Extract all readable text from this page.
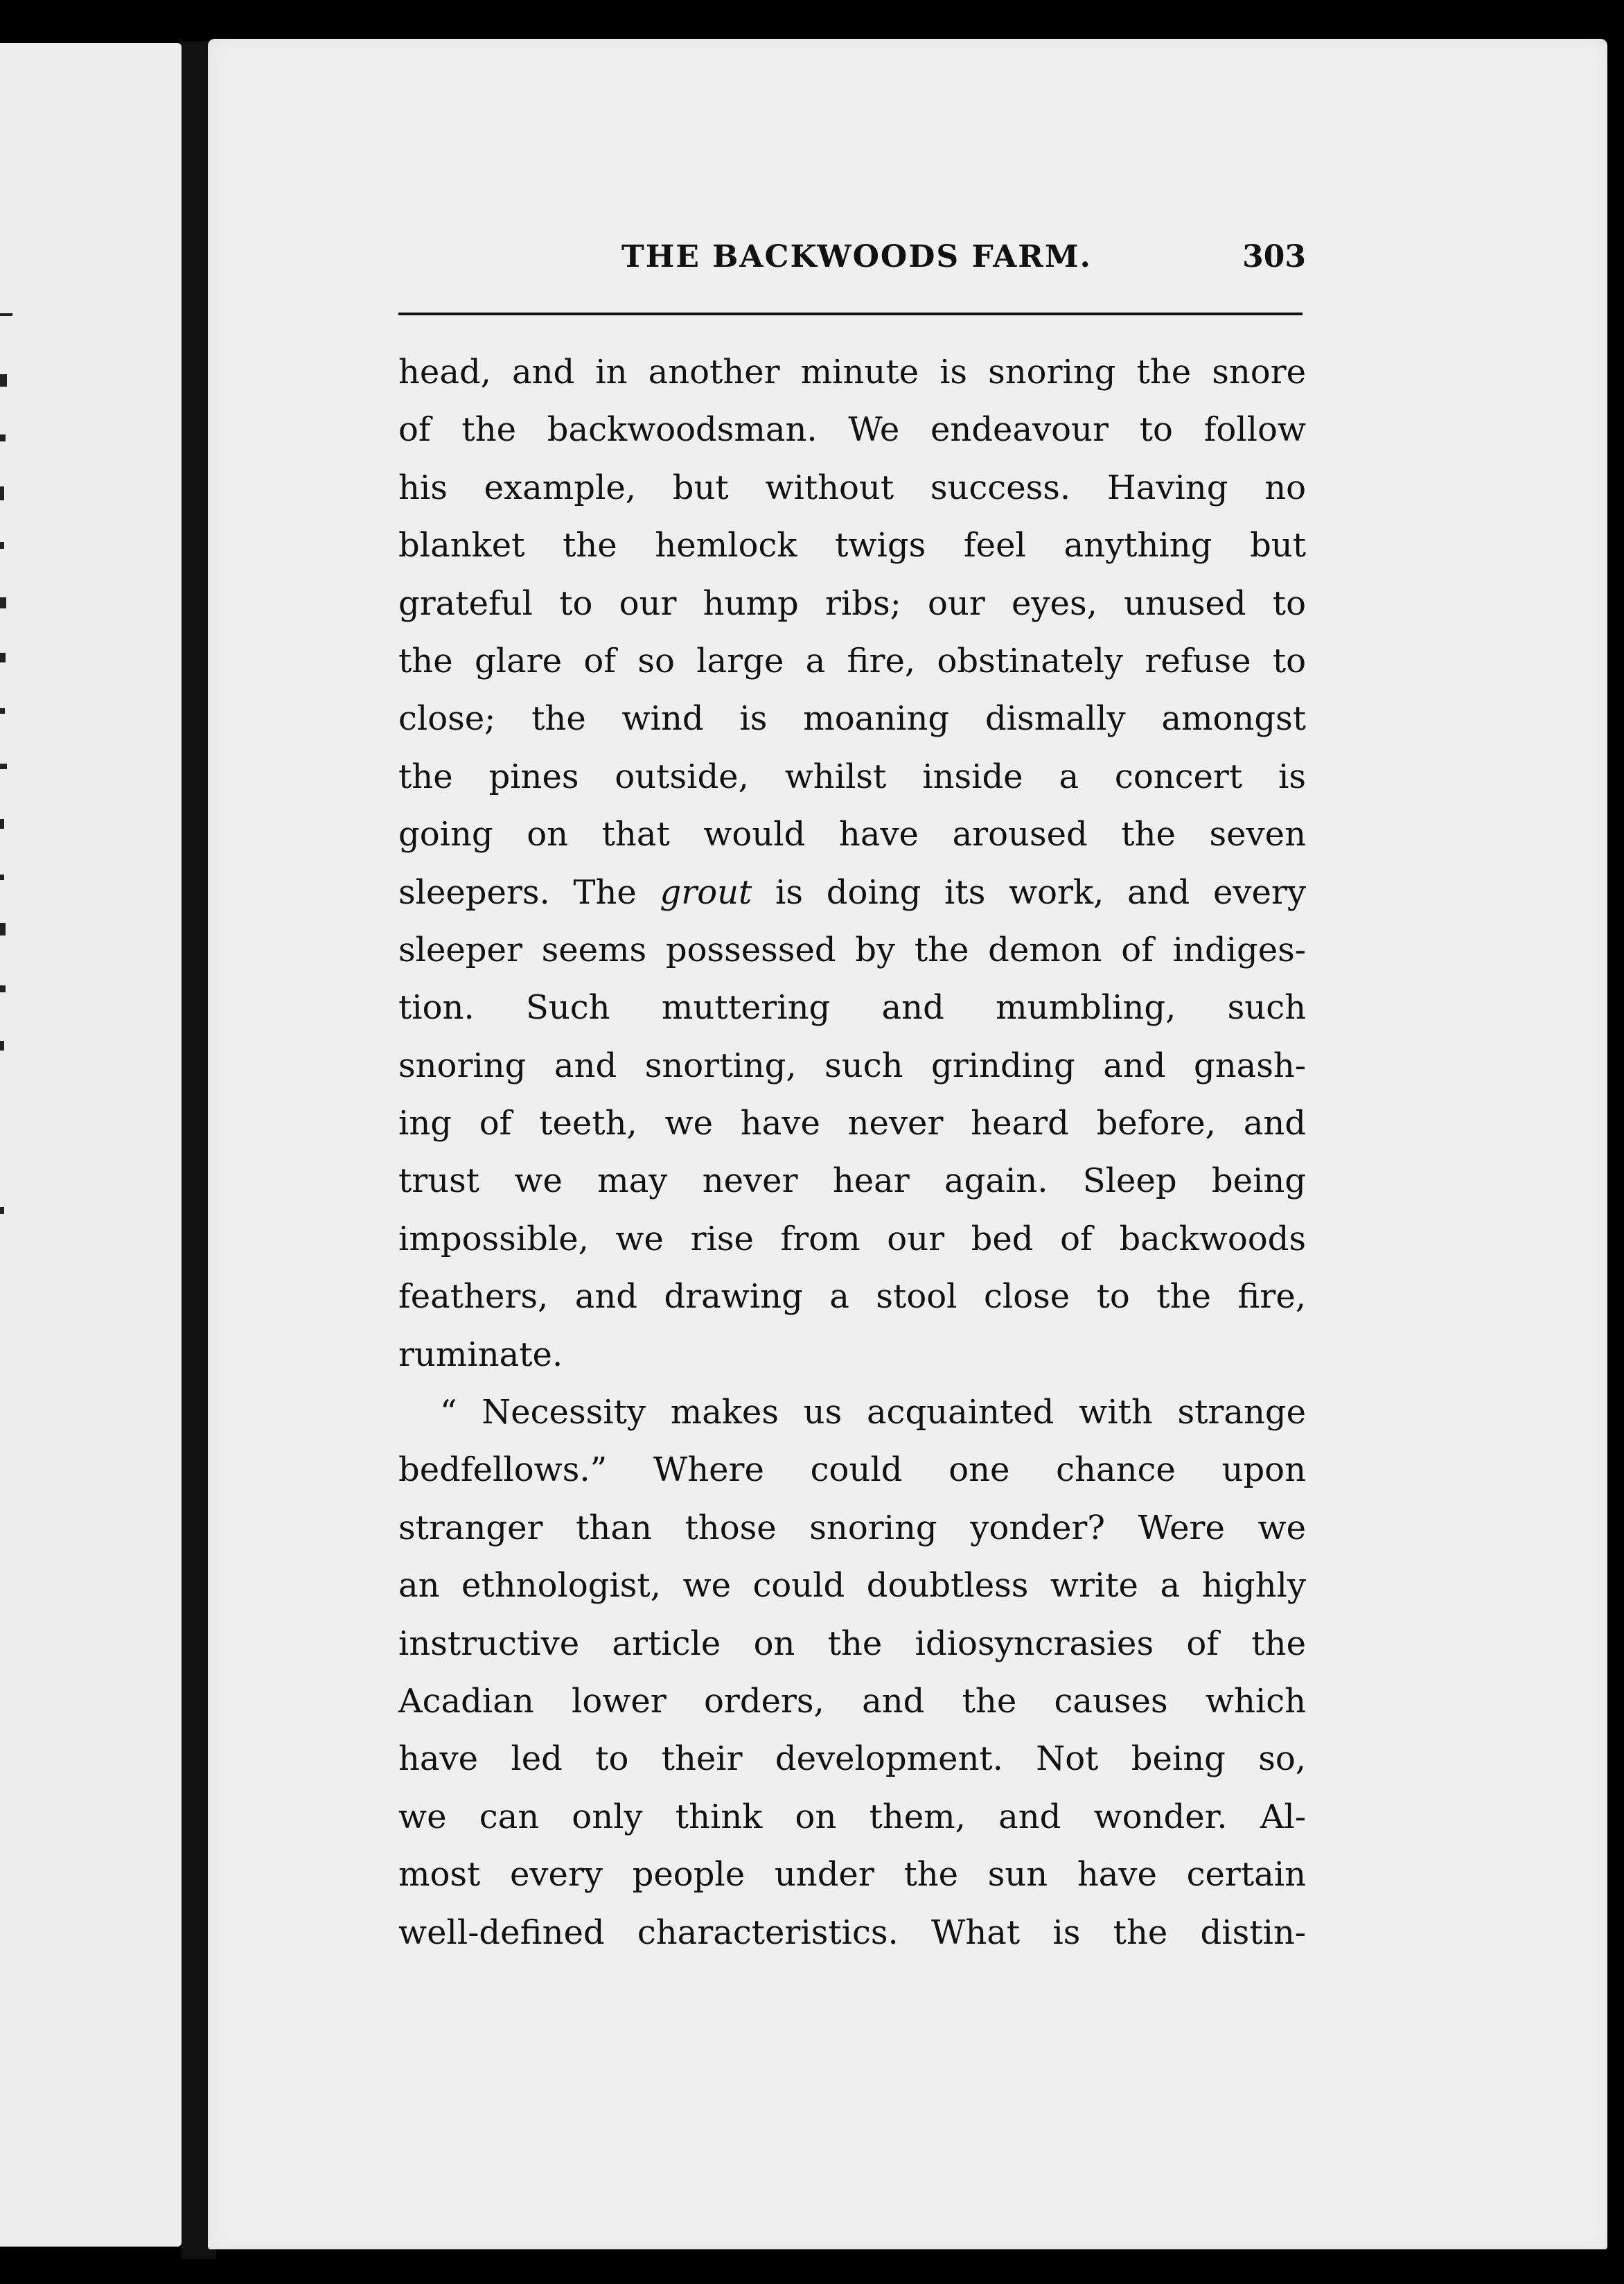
THE BACKWOODS FARM.	303
head, and in another minute is snoring the snore
of the backwoodsman. We endeavour to follow
his example, but without success. Having no
blanket the hemlock twigs feel anything but
grateful to our hump ribs; our eyes, unused to
the glare of so large a fire, obstinately refuse to
close; the wind is moaning dismally amongst
the pines outside, whilst inside a concert is
going on that would have aroused the seven
sleepers. The grout is doing its work, and every
sleeper seems possessed by the demon of indiges-
tion. Such muttering and mumbling, such
snoring and snorting, such grinding and gnash-
ing of teeth, we have never heard before, and
trust we may never hear again. Sleep being
impossible, we rise from our bed of backwoods
feathers, and drawing a stool close to the fire,
ruminate.
“ Necessity makes us acquainted with strange
bedfellows.” Where could one chance upon
stranger than those snoring yonder? Were we
an ethnologist, we could doubtless write a highly
instructive article on the idiosyncrasies of the
Acadian lower orders, and the causes which
have led to their development. Not being so,
we can only think on them, and wonder. Al-
most every people under the sun have certain
well-defined characteristics. What is the distin-
